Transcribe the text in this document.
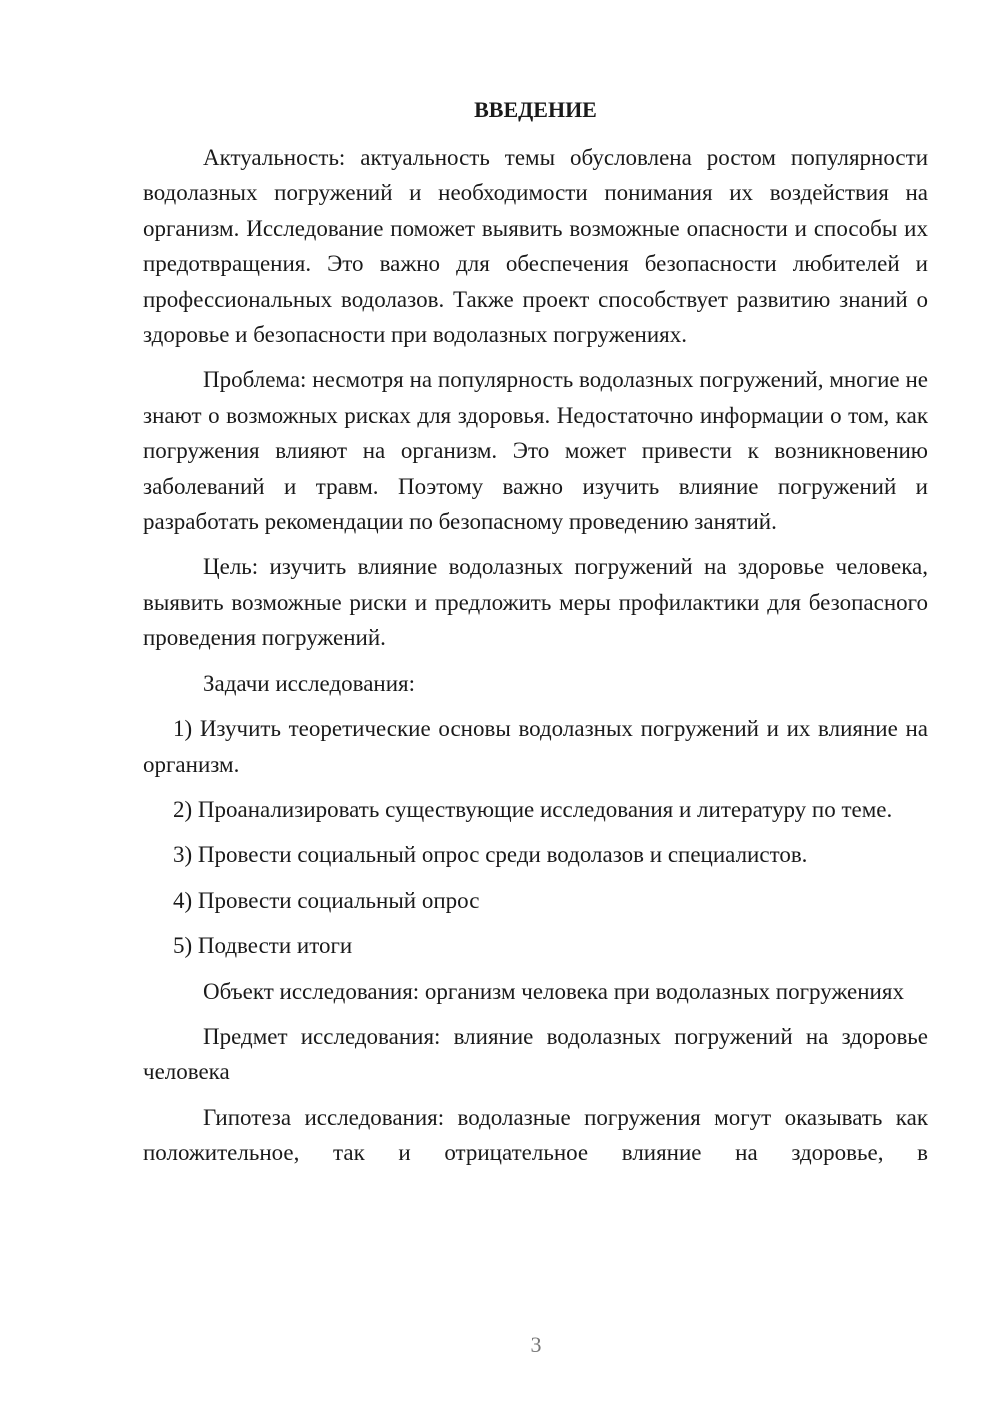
ВВЕДЕНИЕ

Актуальность: актуальность темы обусловлена ростом популярности водолазных погружений и необходимости понимания их воздействия на организм. Исследование поможет выявить возможные опасности и способы их предотвращения. Это важно для обеспечения безопасности любителей и профессиональных водолазов. Также проект способствует развитию знаний о здоровье и безопасности при водолазных погружениях.

Проблема: несмотря на популярность водолазных погружений, многие не знают о возможных рисках для здоровья. Недостаточно информации о том, как погружения влияют на организм. Это может привести к возникновению заболеваний и травм. Поэтому важно изучить влияние погружений и разработать рекомендации по безопасному проведению занятий.

Цель: изучить влияние водолазных погружений на здоровье человека, выявить возможные риски и предложить меры профилактики для безопасного проведения погружений.

Задачи исследования:

1) Изучить теоретические основы водолазных погружений и их влияние на организм.

2) Проанализировать существующие исследования и литературу по теме.

3) Провести социальный опрос среди водолазов и специалистов.

4) Провести социальный опрос

5) Подвести итоги

Объект исследования: организм человека при водолазных погружениях

Предмет исследования: влияние водолазных погружений на здоровье человека

Гипотеза исследования: водолазные погружения могут оказывать как положительное, так и отрицательное влияние на здоровье, в

3
